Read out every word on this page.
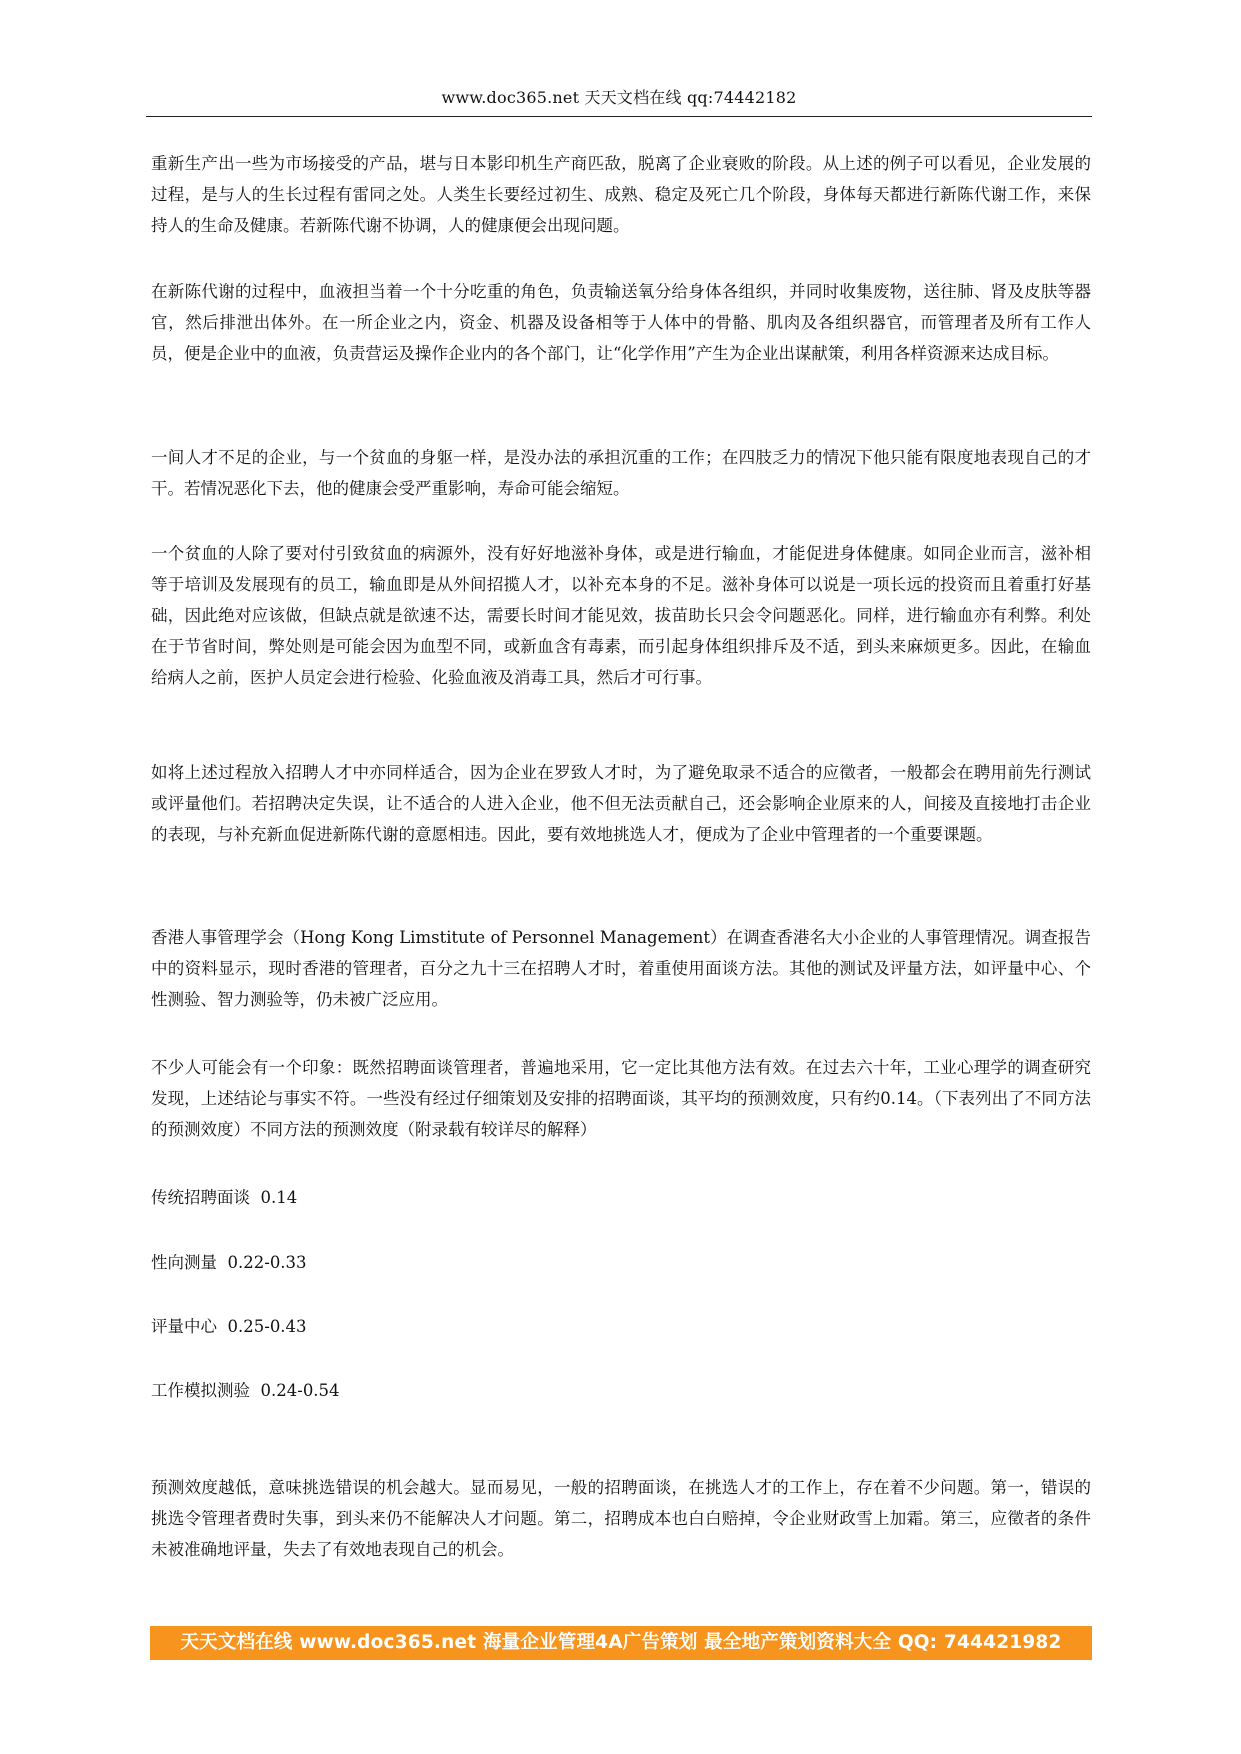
www.doc365.net 天天文档在线 qq:74442182

重新生产出一些为市场接受的产品，堪与日本影印机生产商匹敌，脱离了企业衰败的阶段。从上述的例子可以看见，企业发展的过程，是与人的生长过程有雷同之处。人类生长要经过初生、成熟、稳定及死亡几个阶段，身体每天都进行新陈代谢工作，来保持人的生命及健康。若新陈代谢不协调，人的健康便会出现问题。

在新陈代谢的过程中，血液担当着一个十分吃重的角色，负责输送氧分给身体各组织，并同时收集废物，送往肺、肾及皮肤等器官，然后排泄出体外。在一所企业之内，资金、机器及设备相等于人体中的骨骼、肌肉及各组织器官，而管理者及所有工作人员，便是企业中的血液，负责营运及操作企业内的各个部门，让“化学作用”产生为企业出谋献策，利用各样资源来达成目标。

一间人才不足的企业，与一个贫血的身躯一样，是没办法的承担沉重的工作；在四肢乏力的情况下他只能有限度地表现自己的才干。若情况恶化下去，他的健康会受严重影响，寿命可能会缩短。

一个贫血的人除了要对付引致贫血的病源外，没有好好地滋补身体，或是进行输血，才能促进身体健康。如同企业而言，滋补相等于培训及发展现有的员工，输血即是从外间招揽人才，以补充本身的不足。滋补身体可以说是一项长远的投资而且着重打好基础，因此绝对应该做，但缺点就是欲速不达，需要长时间才能见效，拔苗助长只会令问题恶化。同样，进行输血亦有利弊。利处在于节省时间，弊处则是可能会因为血型不同，或新血含有毒素，而引起身体组织排斥及不适，到头来麻烦更多。因此，在输血给病人之前，医护人员定会进行检验、化验血液及消毒工具，然后才可行事。

如将上述过程放入招聘人才中亦同样适合，因为企业在罗致人才时，为了避免取录不适合的应徵者，一般都会在聘用前先行测试或评量他们。若招聘决定失误，让不适合的人进入企业，他不但无法贡献自己，还会影响企业原来的人，间接及直接地打击企业的表现，与补充新血促进新陈代谢的意愿相违。因此，要有效地挑选人才，便成为了企业中管理者的一个重要课题。

香港人事管理学会（Hong Kong Limstitute of Personnel Management）在调查香港名大小企业的人事管理情况。调查报告中的资料显示，现时香港的管理者，百分之九十三在招聘人才时，着重使用面谈方法。其他的测试及评量方法，如评量中心、个性测验、智力测验等，仍未被广泛应用。

不少人可能会有一个印象：既然招聘面谈管理者，普遍地采用，它一定比其他方法有效。在过去六十年，工业心理学的调查研究发现，上述结论与事实不符。一些没有经过仔细策划及安排的招聘面谈，其平均的预测效度，只有约0.14。（下表列出了不同方法的预测效度）不同方法的预测效度（附录载有较详尽的解释）

传统招聘面谈 0.14
性向测量 0.22-0.33
评量中心 0.25-0.43
工作模拟测验 0.24-0.54

预测效度越低，意味挑选错误的机会越大。显而易见，一般的招聘面谈，在挑选人才的工作上，存在着不少问题。第一，错误的挑选令管理者费时失事，到头来仍不能解决人才问题。第二，招聘成本也白白赔掉，令企业财政雪上加霜。第三，应徵者的条件未被准确地评量，失去了有效地表现自己的机会。

天天文档在线 www.doc365.net 海量企业管理4A广告策划 最全地产策划资料大全 QQ: 744421982
